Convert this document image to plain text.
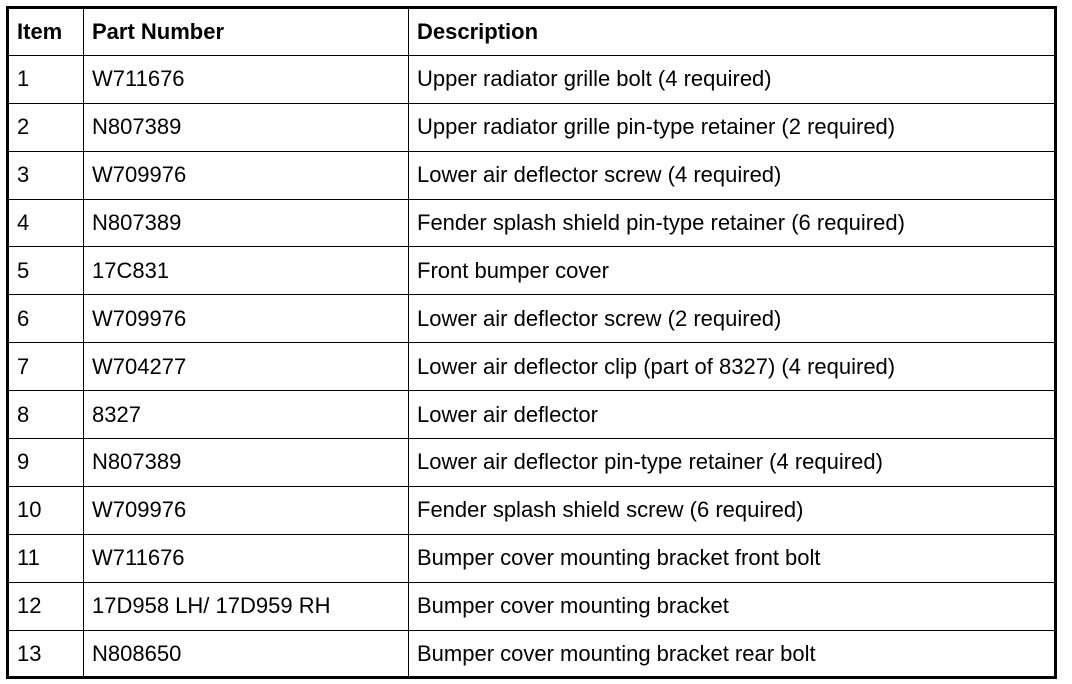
Item	Part Number	Description
1	W711676	Upper radiator grille bolt (4 required)
2	N807389	Upper radiator grille pin-type retainer (2 required)
3	W709976	Lower air deflector screw (4 required)
4	N807389	Fender splash shield pin-type retainer (6 required)
5	17C831	Front bumper cover
6	W709976	Lower air deflector screw (2 required)
7	W704277	Lower air deflector clip (part of 8327) (4 required)
8	8327	Lower air deflector
9	N807389	Lower air deflector pin-type retainer (4 required)
10	W709976	Fender splash shield screw (6 required)
11	W711676	Bumper cover mounting bracket front bolt
12	17D958 LH/ 17D959 RH	Bumper cover mounting bracket
13	N808650	Bumper cover mounting bracket rear bolt
